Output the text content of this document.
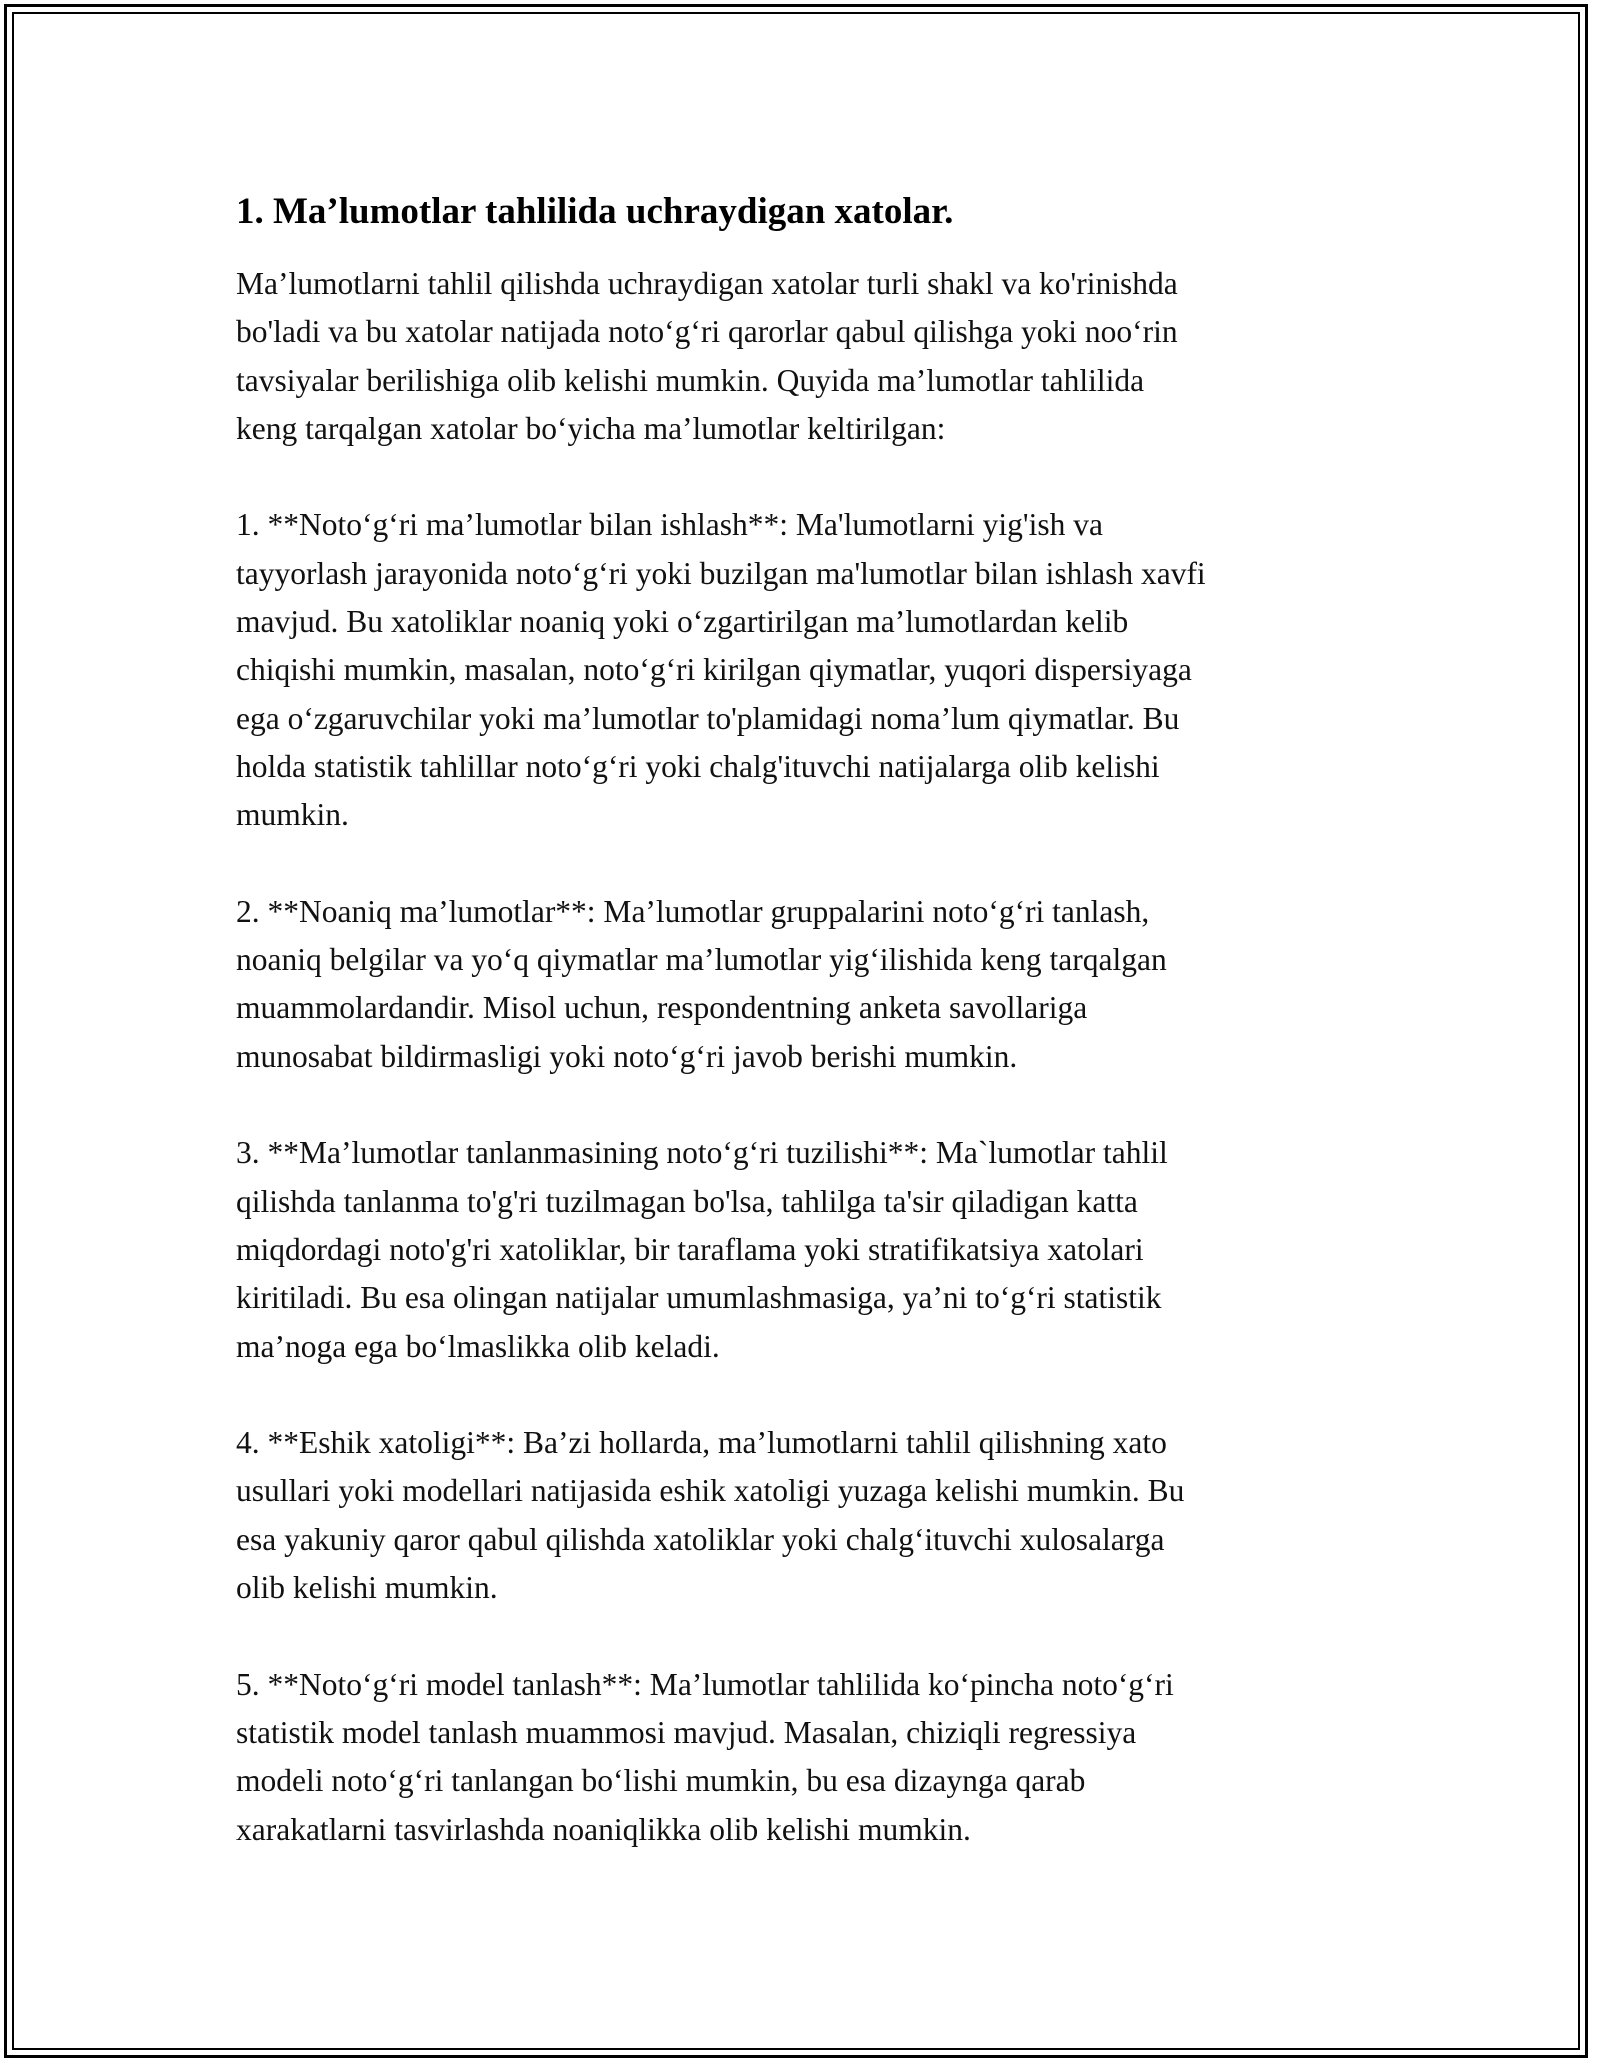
1. Ma’lumotlar tahlilida uchraydigan xatolar.

Ma’lumotlarni tahlil qilishda uchraydigan xatolar turli shakl va ko'rinishda
bo'ladi va bu xatolar natijada noto‘g‘ri qarorlar qabul qilishga yoki noo‘rin
tavsiyalar berilishiga olib kelishi mumkin. Quyida ma’lumotlar tahlilida
keng tarqalgan xatolar bo‘yicha ma’lumotlar keltirilgan:

1. **Noto‘g‘ri ma’lumotlar bilan ishlash**: Ma'lumotlarni yig'ish va
tayyorlash jarayonida noto‘g‘ri yoki buzilgan ma'lumotlar bilan ishlash xavfi
mavjud. Bu xatoliklar noaniq yoki o‘zgartirilgan ma’lumotlardan kelib
chiqishi mumkin, masalan, noto‘g‘ri kirilgan qiymatlar, yuqori dispersiyaga
ega o‘zgaruvchilar yoki ma’lumotlar to'plamidagi noma’lum qiymatlar. Bu
holda statistik tahlillar noto‘g‘ri yoki chalg'ituvchi natijalarga olib kelishi
mumkin.

2. **Noaniq ma’lumotlar**: Ma’lumotlar gruppalarini noto‘g‘ri tanlash,
noaniq belgilar va yo‘q qiymatlar ma’lumotlar yig‘ilishida keng tarqalgan
muammolardandir. Misol uchun, respondentning anketa savollariga
munosabat bildirmasligi yoki noto‘g‘ri javob berishi mumkin.

3. **Ma’lumotlar tanlanmasining noto‘g‘ri tuzilishi**: Ma`lumotlar tahlil
qilishda tanlanma to'g'ri tuzilmagan bo'lsa, tahlilga ta'sir qiladigan katta
miqdordagi noto'g'ri xatoliklar, bir taraflama yoki stratifikatsiya xatolari
kiritiladi. Bu esa olingan natijalar umumlashmasiga, ya’ni to‘g‘ri statistik
ma’noga ega bo‘lmaslikka olib keladi.

4. **Eshik xatoligi**: Ba’zi hollarda, ma’lumotlarni tahlil qilishning xato
usullari yoki modellari natijasida eshik xatoligi yuzaga kelishi mumkin. Bu
esa yakuniy qaror qabul qilishda xatoliklar yoki chalg‘ituvchi xulosalarga
olib kelishi mumkin.

5. **Noto‘g‘ri model tanlash**: Ma’lumotlar tahlilida ko‘pincha noto‘g‘ri
statistik model tanlash muammosi mavjud. Masalan, chiziqli regressiya
modeli noto‘g‘ri tanlangan bo‘lishi mumkin, bu esa dizaynga qarab
xarakatlarni tasvirlashda noaniqlikka olib kelishi mumkin.
